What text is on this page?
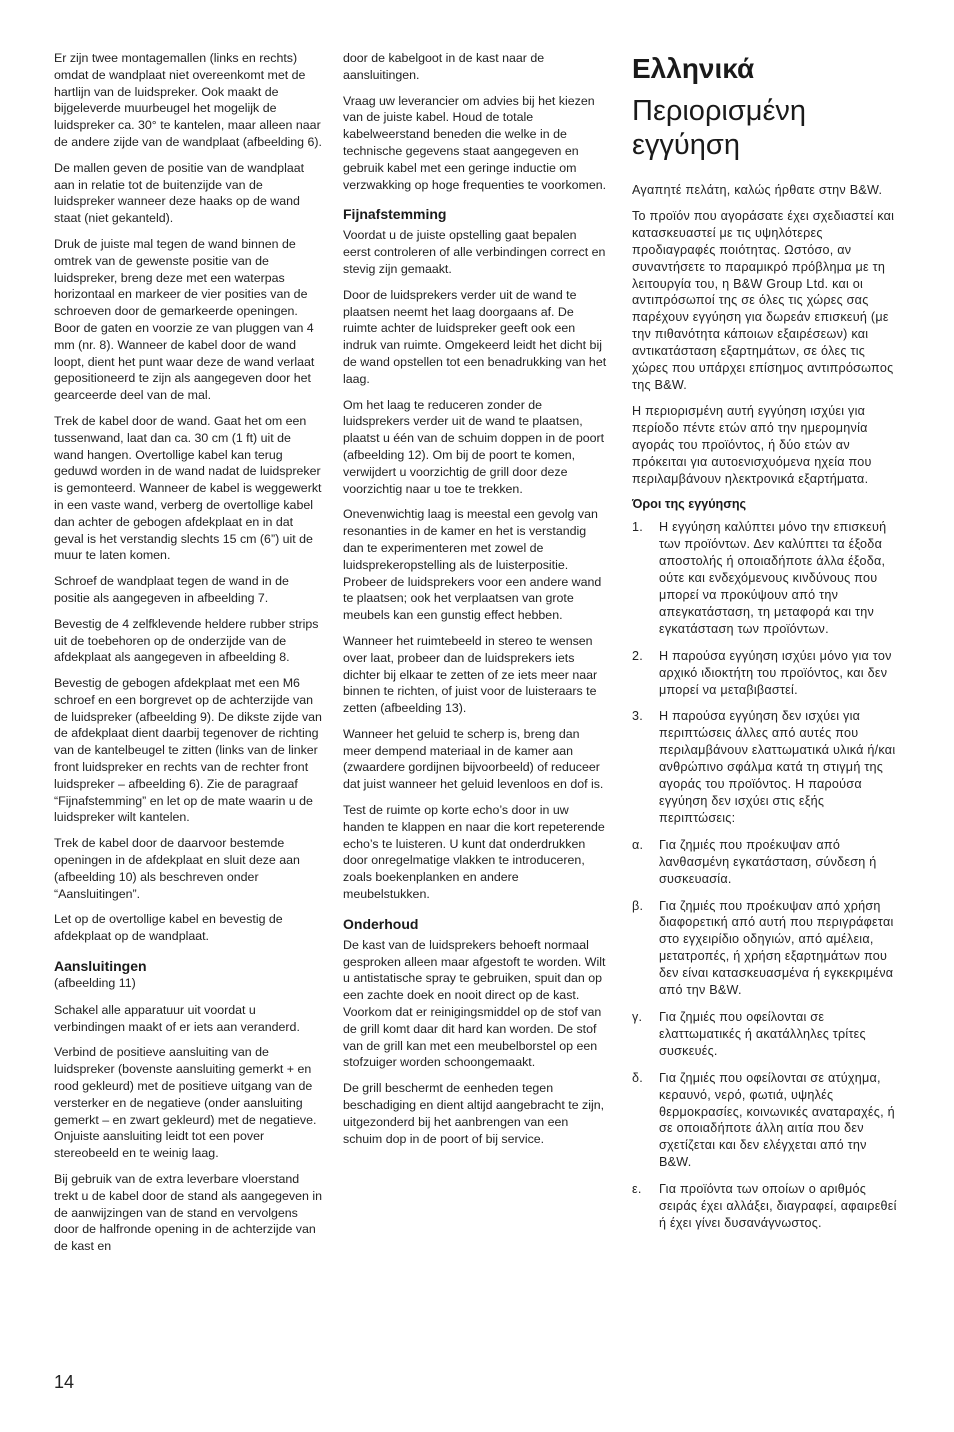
Er zijn twee montagemallen (links en rechts) omdat de wandplaat niet overeenkomt met de hartlijn van de luidspreker. Ook maakt de bijgeleverde muurbeugel het mogelijk de luidspreker ca. 30° te kantelen, maar alleen naar de andere zijde van de wandplaat (afbeelding 6).

De mallen geven de positie van de wandplaat aan in relatie tot de buitenzijde van de luidspreker wanneer deze haaks op de wand staat (niet gekanteld).

Druk de juiste mal tegen de wand binnen de omtrek van de gewenste positie van de luidspreker, breng deze met een waterpas horizontaal en markeer de vier posities van de schroeven door de gemarkeerde openingen. Boor de gaten en voorzie ze van pluggen van 4 mm (nr. 8). Wanneer de kabel door de wand loopt, dient het punt waar deze de wand verlaat gepositioneerd te zijn als aangegeven door het gearceerde deel van de mal.

Trek de kabel door de wand. Gaat het om een tussenwand, laat dan ca. 30 cm (1 ft) uit de wand hangen. Overtollige kabel kan terug geduwd worden in de wand nadat de luidspreker is gemonteerd. Wanneer de kabel is weggewerkt in een vaste wand, verberg de overtollige kabel dan achter de gebogen afdekplaat en in dat geval is het verstandig slechts 15 cm (6”) uit de muur te laten komen.

Schroef de wandplaat tegen de wand in de positie als aangegeven in afbeelding 7.

Bevestig de 4 zelfklevende heldere rubber strips uit de toebehoren op de onderzijde van de afdekplaat als aangegeven in afbeelding 8.

Bevestig de gebogen afdekplaat met een M6 schroef en een borgrevet op de achterzijde van de luidspreker (afbeelding 9). De dikste zijde van de afdekplaat dient daarbij tegenover de richting van de kantelbeugel te zitten (links van de linker front luidspreker en rechts van de rechter front luidspreker – afbeelding 6). Zie de paragraaf “Fijnafstemming” en let op de mate waarin u de luidspreker wilt kantelen.

Trek de kabel door de daarvoor bestemde openingen in de afdekplaat en sluit deze aan (afbeelding 10) als beschreven onder “Aansluitingen”.

Let op de overtollige kabel en bevestig de afdekplaat op de wandplaat.

Aansluitingen

(afbeelding 11)

Schakel alle apparatuur uit voordat u verbindingen maakt of er iets aan veranderd.

Verbind de positieve aansluiting van de luidspreker (bovenste aansluiting gemerkt + en rood gekleurd) met de positieve uitgang van de versterker en de negatieve (onder aansluiting gemerkt – en zwart gekleurd) met de negatieve. Onjuiste aansluiting leidt tot een pover stereobeeld en te weinig laag.

Bij gebruik van de extra leverbare vloerstand trekt u de kabel door de stand als aangegeven in de aanwijzingen van de stand en vervolgens door de halfronde opening in de achterzijde van de kast en

door de kabelgoot in de kast naar de aansluitingen.

Vraag uw leverancier om advies bij het kiezen van de juiste kabel. Houd de totale kabelweerstand beneden die welke in de technische gegevens staat aangegeven en gebruik kabel met een geringe inductie om verzwakking op hoge frequenties te voorkomen.

Fijnafstemming

Voordat u de juiste opstelling gaat bepalen eerst controleren of alle verbindingen correct en stevig zijn gemaakt.

Door de luidsprekers verder uit de wand te plaatsen neemt het laag doorgaans af. De ruimte achter de luidspreker geeft ook een indruk van ruimte. Omgekeerd leidt het dicht bij de wand opstellen tot een benadrukking van het laag.

Om het laag te reduceren zonder de luidsprekers verder uit de wand te plaatsen, plaatst u één van de schuim doppen in de poort (afbeelding 12). Om bij de poort te komen, verwijdert u voorzichtig de grill door deze voorzichtig naar u toe te trekken.

Onevenwichtig laag is meestal een gevolg van resonanties in de kamer en het is verstandig dan te experimenteren met zowel de luidsprekeropstelling als de luisterpositie. Probeer de luidsprekers voor een andere wand te plaatsen; ook het verplaatsen van grote meubels kan een gunstig effect hebben.

Wanneer het ruimtebeeld in stereo te wensen over laat, probeer dan de luidsprekers iets dichter bij elkaar te zetten of ze iets meer naar binnen te richten, of juist voor de luisteraars te zetten (afbeelding 13).

Wanneer het geluid te scherp is, breng dan meer dempend materiaal in de kamer aan (zwaardere gordijnen bijvoorbeeld) of reduceer dat juist wanneer het geluid levenloos en dof is.

Test de ruimte op korte echo’s door in uw handen te klappen en naar die kort repeterende echo’s te luisteren. U kunt dat onderdrukken door onregelmatige vlakken te introduceren, zoals boekenplanken en andere meubelstukken.

Onderhoud

De kast van de luidsprekers behoeft normaal gesproken alleen maar afgestoft te worden. Wilt u antistatische spray te gebruiken, spuit dan op een zachte doek en nooit direct op de kast. Voorkom dat er reinigingsmiddel op de stof van de grill komt daar dit hard kan worden. De stof van de grill kan met een meubelborstel op een stofzuiger worden schoongemaakt.

De grill beschermt de eenheden tegen beschadiging en dient altijd aangebracht te zijn, uitgezonderd bij het aanbrengen van een schuim dop in de poort of bij service.

Ελληνικά
Περιορισμένη
εγγύηση

Αγαπητέ πελάτη, καλώς ήρθατε στην B&W.

Το προϊόν που αγοράσατε έχει σχεδιαστεί και κατασκευαστεί με τις υψηλότερες προδιαγραφές ποιότητας. Ωστόσο, αν συναντήσετε το παραμικρό πρόβλημα με τη λειτουργία του, η B&W Group Ltd. και οι αντιπρόσωποί της σε όλες τις χώρες σας παρέχουν εγγύηση για δωρεάν επισκευή (με την πιθανότητα κάποιων εξαιρέσεων) και αντικατάσταση εξαρτημάτων, σε όλες τις χώρες που υπάρχει επίσημος αντιπρόσωπος της B&W.

Η περιορισμένη αυτή εγγύηση ισχύει για περίοδο πέντε ετών από την ημερομηνία αγοράς του προϊόντος, ή δύο ετών αν πρόκειται για αυτοενισχυόμενα ηχεία που περιλαμβάνουν ηλεκτρονικά εξαρτήματα.

Όροι της εγγύησης
1.	Η εγγύηση καλύπτει μόνο την επισκευή των προϊόντων. Δεν καλύπτει τα έξοδα αποστολής ή οποιαδήποτε άλλα έξοδα, ούτε και ενδεχόμενους κινδύνους που μπορεί να προκύψουν από την απεγκατάσταση, τη μεταφορά και την εγκατάσταση των προϊόντων.
2.	Η παρούσα εγγύηση ισχύει μόνο για τον αρχικό ιδιοκτήτη του προϊόντος, και δεν μπορεί να μεταβιβαστεί.
3.	Η παρούσα εγγύηση δεν ισχύει για περιπτώσεις άλλες από αυτές που περιλαμβάνουν ελαττωματικά υλικά ή/και ανθρώπινο σφάλμα κατά τη στιγμή της αγοράς του προϊόντος. Η παρούσα εγγύηση δεν ισχύει στις εξής περιπτώσεις:
α.	Για ζημιές που προέκυψαν από λανθασμένη εγκατάσταση, σύνδεση ή συσκευασία.
β.	Για ζημιές που προέκυψαν από χρήση διαφορετική από αυτή που περιγράφεται στο εγχειρίδιο οδηγιών, από αμέλεια, μετατροπές, ή χρήση εξαρτημάτων που δεν είναι κατασκευασμένα ή εγκεκριμένα από την B&W.
γ.	Για ζημιές που οφείλονται σε ελαττωματικές ή ακατάλληλες τρίτες συσκευές.
δ.	Για ζημιές που οφείλονται σε ατύχημα, κεραυνό, νερό, φωτιά, υψηλές θερμοκρασίες, κοινωνικές αναταραχές, ή σε οποιαδήποτε άλλη αιτία που δεν σχετίζεται και δεν ελέγχεται από την B&W.
ε.	Για προϊόντα των οποίων ο αριθμός σειράς έχει αλλάξει, διαγραφεί, αφαιρεθεί ή έχει γίνει δυσανάγνωστος.
14
